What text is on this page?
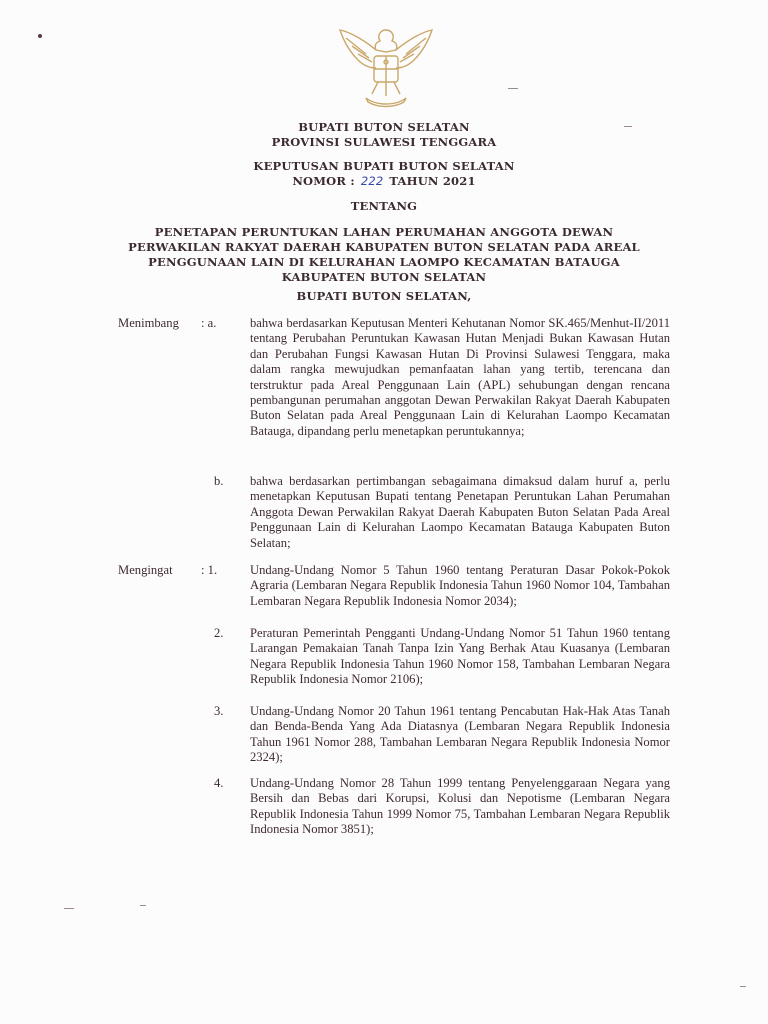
BUPATI BUTON SELATAN
PROVINSI SULAWESI TENGGARA
KEPUTUSAN BUPATI BUTON SELATAN
NOMOR : 222 TAHUN 2021
TENTANG
PENETAPAN PERUNTUKAN LAHAN PERUMAHAN ANGGOTA DEWAN
PERWAKILAN RAKYAT DAERAH KABUPATEN BUTON SELATAN PADA AREAL
PENGGUNAAN LAIN DI KELURAHAN LAOMPO KECAMATAN BATAUGA
KABUPATEN BUTON SELATAN
BUPATI BUTON SELATAN,
Menimbang : a.	bahwa berdasarkan Keputusan Menteri Kehutanan Nomor SK.465/Menhut-II/2011 tentang Perubahan Peruntukan Kawasan Hutan Menjadi Bukan Kawasan Hutan dan Perubahan Fungsi Kawasan Hutan Di Provinsi Sulawesi Tenggara, maka dalam rangka mewujudkan pemanfaatan lahan yang tertib, terencana dan terstruktur pada Areal Penggunaan Lain (APL) sehubungan dengan rencana pembangunan perumahan anggotan Dewan Perwakilan Rakyat Daerah Kabupaten Buton Selatan pada Areal Penggunaan Lain di Kelurahan Laompo Kecamatan Batauga, dipandang perlu menetapkan peruntukannya;
b. bahwa berdasarkan pertimbangan sebagaimana dimaksud dalam huruf a, perlu menetapkan Keputusan Bupati tentang Penetapan Peruntukan Lahan Perumahan Anggota Dewan Perwakilan Rakyat Daerah Kabupaten Buton Selatan Pada Areal Penggunaan Lain di Kelurahan Laompo Kecamatan Batauga Kabupaten Buton Selatan;
Mengingat : 1.	Undang-Undang Nomor 5 Tahun 1960 tentang Peraturan Dasar Pokok-Pokok Agraria (Lembaran Negara Republik Indonesia Tahun 1960 Nomor 104, Tambahan Lembaran Negara Republik Indonesia Nomor 2034);
2. Peraturan Pemerintah Pengganti Undang-Undang Nomor 51 Tahun 1960 tentang Larangan Pemakaian Tanah Tanpa Izin Yang Berhak Atau Kuasanya (Lembaran Negara Republik Indonesia Tahun 1960 Nomor 158, Tambahan Lembaran Negara Republik Indonesia Nomor 2106);
3. Undang-Undang Nomor 20 Tahun 1961 tentang Pencabutan Hak-Hak Atas Tanah dan Benda-Benda Yang Ada Diatasnya (Lembaran Negara Republik Indonesia Tahun 1961 Nomor 288, Tambahan Lembaran Negara Republik Indonesia Nomor 2324);
4. Undang-Undang Nomor 28 Tahun 1999 tentang Penyelenggaraan Negara yang Bersih dan Bebas dari Korupsi, Kolusi dan Nepotisme (Lembaran Negara Republik Indonesia Tahun 1999 Nomor 75, Tambahan Lembaran Negara Republik Indonesia Nomor 3851);
